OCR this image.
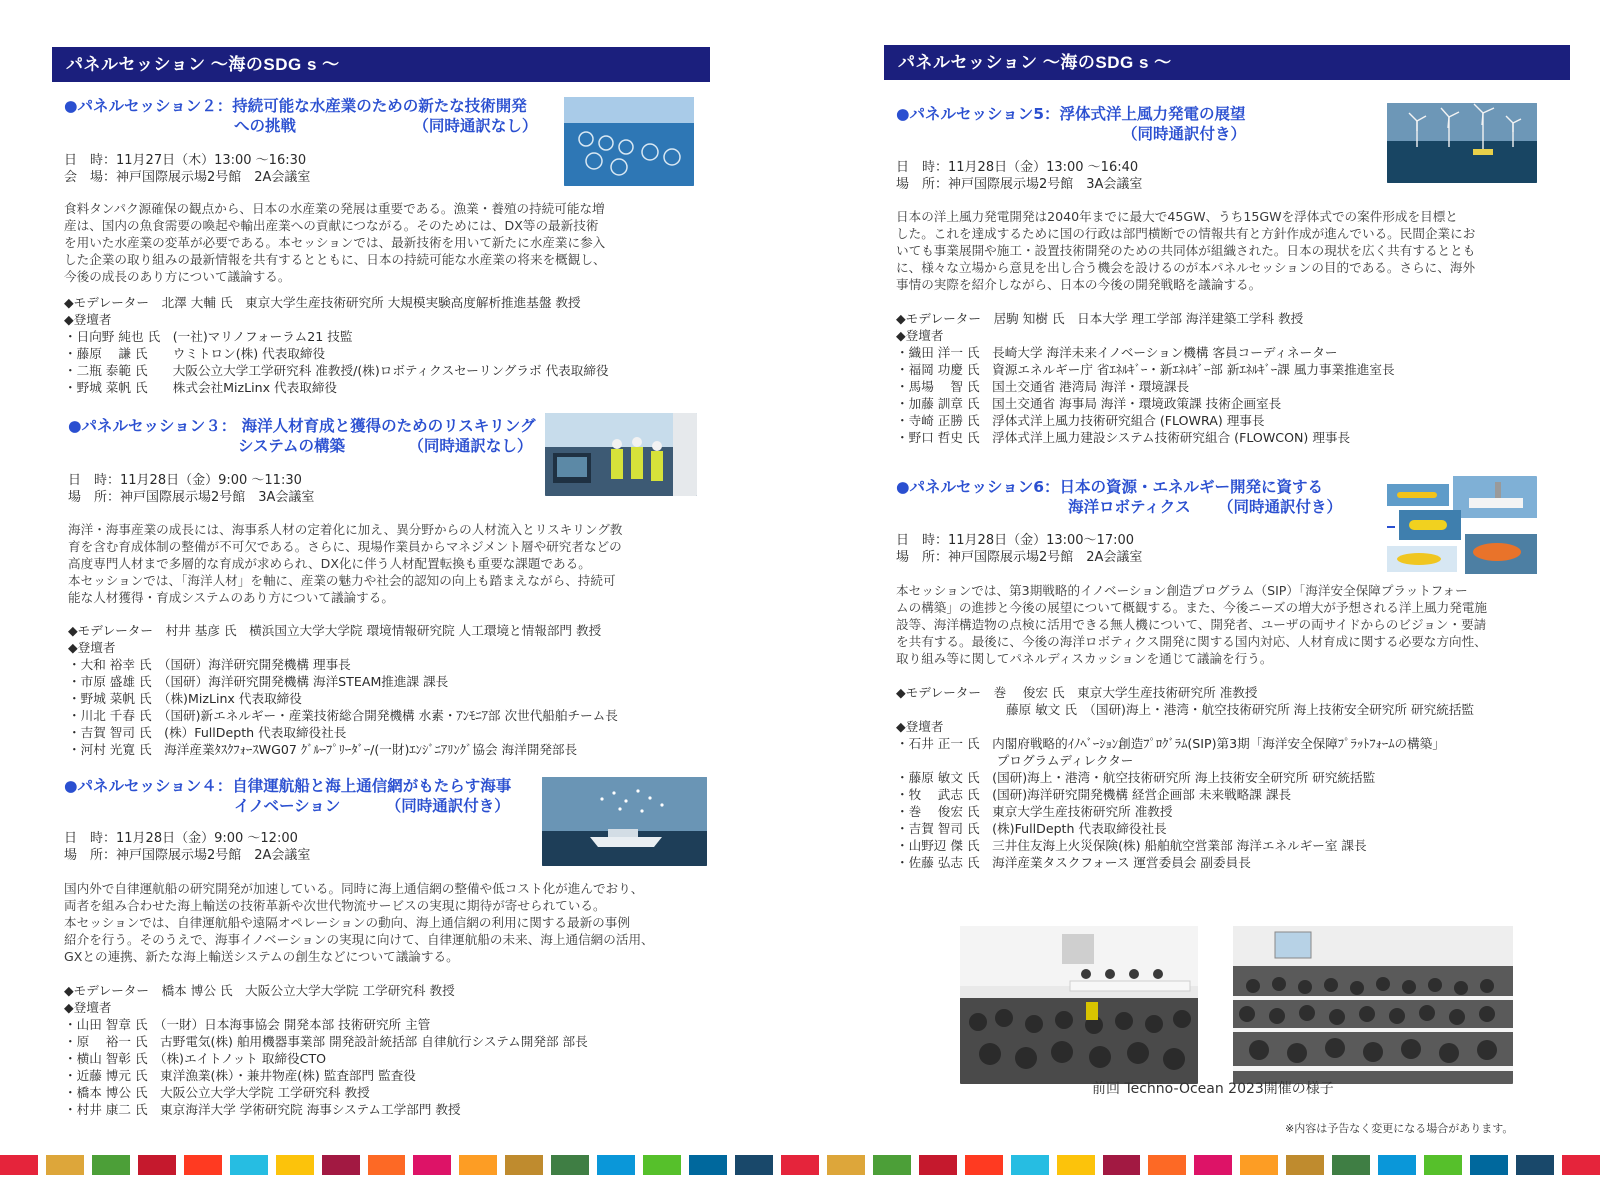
パネルセッション ～海のSDG s ～
●パネルセッション２：持続可能な水産業のための新たな技術開発
への挑戦	（同時通訳なし）
日　時：11月27日（木）13:00 ～16:30
会　場：神戸国際展示場2号館　2A会議室

食料タンパク源確保の観点から、日本の水産業の発展は重要である。漁業・養殖の持続可能な増

産は、国内の魚食需要の喚起や輸出産業への貢献につながる。そのためには、DX等の最新技術

を用いた水産業の変革が必要である。本セッションでは、最新技術を用いて新たに水産業に参入

した企業の取り組みの最新情報を共有するとともに、日本の持続可能な水産業の将来を概観し、

今後の成長のあり方について議論する。

◆モデレーター　北澤 大輔 氏　東京大学生産技術研究所 大規模実験高度解析推進基盤 教授
◆登壇者
・日向野 純也 氏　(一社)マリノフォーラム21 技監
・藤原　 謙 氏　　ウミトロン(株) 代表取締役
・二瓶 泰範 氏　　大阪公立大学工学研究科 准教授/(株)ロボティクスセーリングラボ 代表取締役
・野城 菜帆 氏　　株式会社MizLinx 代表取締役
●パネルセッション３： 海洋人材育成と獲得のためのリスキリング
システムの構築	（同時通訳なし）
日　時：11月28日（金）9:00 ～11:30
場　所：神戸国際展示場2号館　3A会議室

海洋・海事産業の成長には、海事系人材の定着化に加え、異分野からの人材流入とリスキリング教

育を含む育成体制の整備が不可欠である。さらに、現場作業員からマネジメント層や研究者などの

高度専門人材まで多層的な育成が求められ、DX化に伴う人材配置転換も重要な課題である。

本セッションでは、「海洋人材」を軸に、産業の魅力や社会的認知の向上も踏まえながら、持続可

能な人材獲得・育成システムのあり方について議論する。

◆モデレーター　村井 基彦 氏　横浜国立大学大学院 環境情報研究院 人工環境と情報部門 教授
◆登壇者
・大和 裕幸 氏　（国研）海洋研究開発機構 理事長
・市原 盛雄 氏　（国研）海洋研究開発機構 海洋STEAM推進課 課長
・野城 菜帆 氏　（株)MizLinx 代表取締役
・川北 千春 氏　（国研)新エネルギー・産業技術総合開発機構 水素・ｱﾝﾓﾆｱ部 次世代船舶チーム長
・吉賀 智司 氏　(株）FullDepth 代表取締役社長
・河村 光寛 氏　海洋産業ﾀｽｸﾌｫｰｽWG07 ｸﾞﾙｰﾌﾟﾘｰﾀﾞｰ/(一財)ｴﾝｼﾞﾆｱﾘﾝｸﾞ協会 海洋開発部長
●パネルセッション４：自律運航船と海上通信網がもたらす海事
イノベーション	（同時通訳付き）
日　時：11月28日（金）9:00 ～12:00
場　所：神戸国際展示場2号館　2A会議室

国内外で自律運航船の研究開発が加速している。同時に海上通信網の整備や低コスト化が進んでおり、

両者を組み合わせた海上輸送の技術革新や次世代物流サービスの実現に期待が寄せられている。

本セッションでは、自律運航船や遠隔オペレーションの動向、海上通信網の利用に関する最新の事例

紹介を行う。そのうえで、海事イノベーションの実現に向けて、自律運航船の未来、海上通信網の活用、

GXとの連携、新たな海上輸送システムの創生などについて議論する。

◆モデレーター　橋本 博公 氏　大阪公立大学大学院 工学研究科 教授
◆登壇者
・山田 智章 氏　（一財）日本海事協会 開発本部 技術研究所 主管
・原　 裕一 氏　古野電気(株) 舶用機器事業部 開発設計統括部 自律航行システム開発部 部長
・横山 智彰 氏　（株)エイトノット 取締役CTO
・近藤 博元 氏　東洋漁業(株）・兼井物産(株) 監査部門 監査役
・橋本 博公 氏　大阪公立大学大学院 工学研究科 教授
・村井 康二 氏　東京海洋大学 学術研究院 海事システム工学部門 教授
パネルセッション ～海のSDG s ～
●パネルセッション5：浮体式洋上風力発電の展望
（同時通訳付き）
日　時：11月28日（金）13:00 ～16:40
場　所：神戸国際展示場2号館　3A会議室

日本の洋上風力発電開発は2040年までに最大で45GW、うち15GWを浮体式での案件形成を目標と

した。これを達成するために国の行政は部門横断での情報共有と方針作成が進んでいる。民間企業にお

いても事業展開や施工・設置技術開発のための共同体が組織された。日本の現状を広く共有するととも

に、様々な立場から意見を出し合う機会を設けるのが本パネルセッションの目的である。さらに、海外

事情の実際を紹介しながら、日本の今後の開発戦略を議論する。

◆モデレーター　居駒 知樹 氏　日本大学 理工学部 海洋建築工学科 教授
◆登壇者
・織田 洋一 氏　長崎大学 海洋未来イノベーション機構 客員コーディネーター
・福岡 功慶 氏　資源エネルギー庁 省ｴﾈﾙｷﾞｰ・新ｴﾈﾙｷﾞｰ部 新ｴﾈﾙｷﾞｰ課 風力事業推進室長
・馬場　 智 氏　国土交通省 港湾局 海洋・環境課長
・加藤 訓章 氏　国土交通省 海事局 海洋・環境政策課 技術企画室長
・寺崎 正勝 氏　浮体式洋上風力技術研究組合 (FLOWRA) 理事長
・野口 哲史 氏　浮体式洋上風力建設システム技術研究組合 (FLOWCON) 理事長
●パネルセッション6：日本の資源・エネルギー開発に資する
海洋ロボティクス （同時通訳付き）
日　時：11月28日（金）13:00～17:00
場　所：神戸国際展示場2号館　2A会議室

本セッションでは、第3期戦略的イノベーション創造プログラム（SIP）「海洋安全保障プラットフォー

ムの構築」の進捗と今後の展望について概観する。また、今後ニーズの増大が予想される洋上風力発電施

設等、海洋構造物の点検に活用できる無人機について、開発者、ユーザの両サイドからのビジョン・要請

を共有する。最後に、今後の海洋ロボティクス開発に関する国内対応、人材育成に関する必要な方向性、

取り組み等に関してパネルディスカッションを通じて議論を行う。

◆モデレーター　巻　 俊宏 氏　東京大学生産技術研究所 准教授
藤原 敏文 氏　（国研)海上・港湾・航空技術研究所 海上技術安全研究所 研究統括監
◆登壇者
・石井 正一 氏　内閣府戦略的ｲﾉﾍﾞｰｼｮﾝ創造ﾌﾟﾛｸﾞﾗﾑ(SIP)第3期「海洋安全保障ﾌﾟﾗｯﾄﾌｫｰﾑの構築」
　　　　　　　　プログラムディレクター
・藤原 敏文 氏　(国研)海上・港湾・航空技術研究所 海上技術安全研究所 研究統括監
・牧　 武志 氏　(国研)海洋研究開発機構 経営企画部 未来戦略課 課長
・巻　 俊宏 氏　東京大学生産技術研究所 准教授
・吉賀 智司 氏　(株)FullDepth 代表取締役社長
・山野辺 傑 氏　三井住友海上火災保険(株) 船舶航空営業部 海洋エネルギー室 課長
・佐藤 弘志 氏　海洋産業タスクフォース 運営委員会 副委員長
前回 Techno-Ocean 2023開催の様子
※内容は予告なく変更になる場合があります。
